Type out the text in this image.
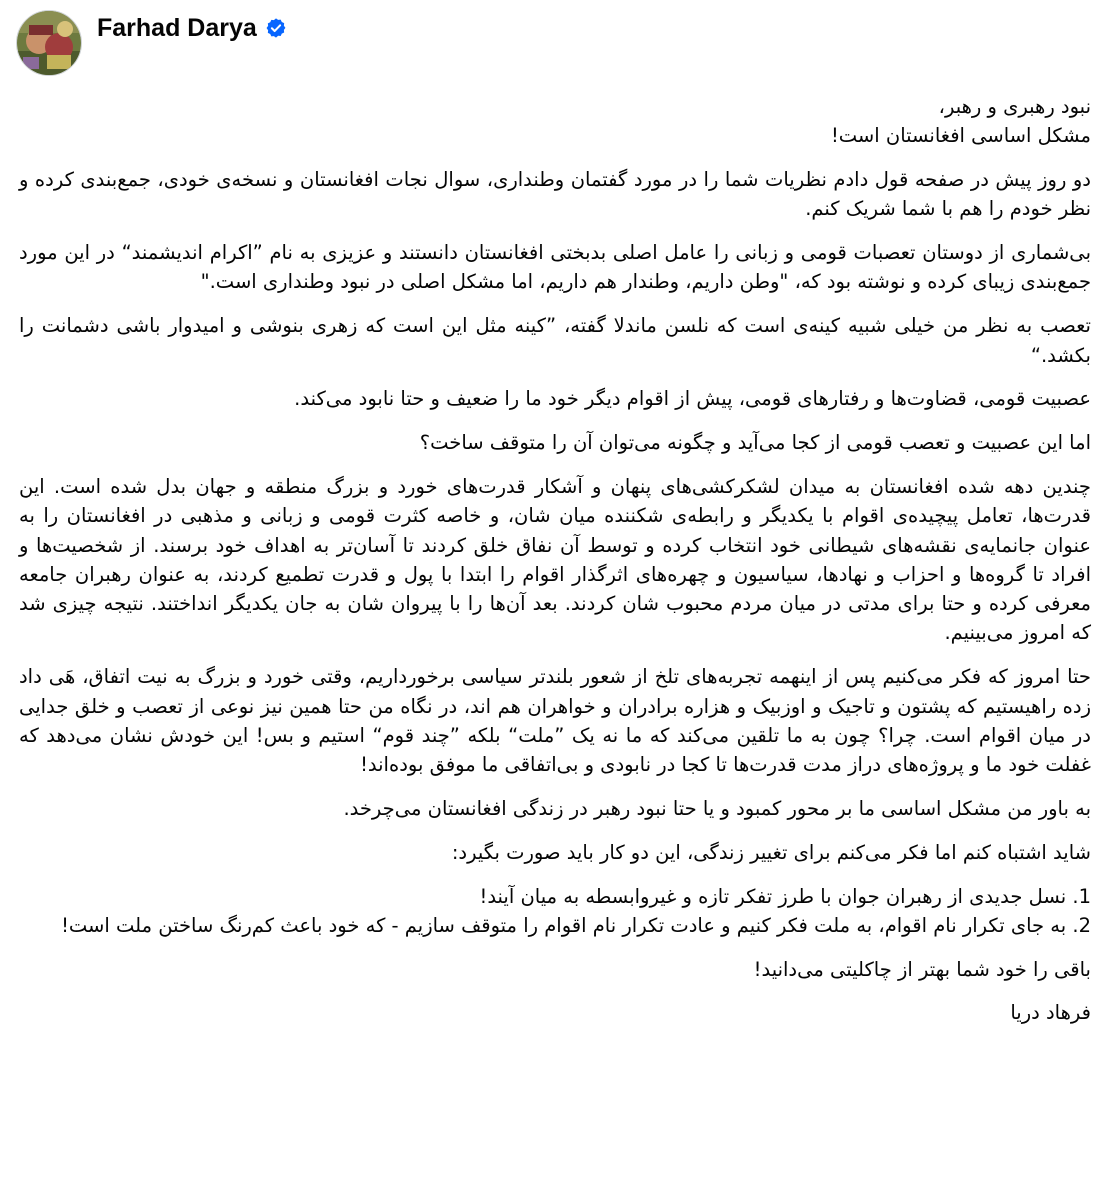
Farhad Darya

نبود رهبری و رهبر،
مشکل اساسی افغانستان است!

دو روز پیش در صفحه قول دادم نظریات شما را در مورد گفتمان وطنداری، سوال نجات افغانستان و نسخه‌ی خودی، جمع‌بندی کرده و نظر خودم را هم با شما شریک کنم.

بی‌شماری از دوستان تعصبات قومی و زبانی را عامل اصلی بدبختی افغانستان دانستند و عزیزی به نام ”اکرام اندیشمند“ در این مورد جمع‌بندی زیبای کرده و نوشته بود که، "وطن داریم، وطندار هم داریم، اما مشکل اصلی در نبود وطنداری است."

تعصب به نظر من خیلی شبیه کینه‌ی است که نلسن ماندلا گفته، ”کینه مثل این است که زهری بنوشی و امیدوار باشی دشمانت را بکشد.“

عصبیت قومی، قضاوت‌ها و رفتارهای قومی، پیش از اقوام دیگر خود ما را ضعیف و حتا نابود می‌کند.

اما این عصبیت و تعصب قومی از کجا می‌آید و چگونه می‌توان آن را متوقف ساخت؟

چندین دهه شده افغانستان به میدان لشکرکشی‌های پنهان و آشکار قدرت‌های خورد و بزرگ منطقه و جهان بدل شده است. این قدرت‌ها، تعامل پیچیده‌ی اقوام با یکدیگر و رابطه‌ی شکننده میان شان، و خاصه کثرت قومی و زبانی و مذهبی در افغانستان را به عنوان جانمایه‌ی نقشه‌های شیطانی خود انتخاب کرده و توسط آن نفاق خلق کردند تا آسان‌تر به اهداف خود برسند. از شخصیت‌ها و افراد تا گروه‌ها و احزاب و نهادها، سیاسیون و چهره‌های اثرگذار اقوام را ابتدا با پول و قدرت تطمیع کردند، به عنوان رهبران جامعه معرفی کرده و حتا برای مدتی در میان مردم محبوب شان کردند. بعد آن‌ها را با پیروان شان به جان یکدیگر انداختند. نتیجه چیزی شد که امروز می‌بینیم.

حتا امروز که فکر می‌کنیم پس از اینهمه تجربه‌های تلخ از شعور بلندتر سیاسی برخورداریم، وقتی خورد و بزرگ به نیت اتفاق، هَی داد زده راهیستیم که پشتون و تاجیک و اوزبیک و هزاره برادران و خواهران هم اند، در نگاه من حتا همین نیز نوعی از تعصب و خلق جدایی در میان اقوام است. چرا؟ چون به ما تلقین می‌کند که ما نه یک ”ملت“ بلکه ”چند قوم“ استیم و بس! این خودش نشان می‌دهد که غفلت خود ما و پروژه‌های دراز مدت قدرت‌ها تا کجا در نابودی و بی‌اتفاقی ما موفق بوده‌اند!

به باور من مشکل اساسی ما بر محور کمبود و یا حتا نبود رهبر در زندگی افغانستان می‌چرخد.

شاید اشتباه کنم اما فکر می‌کنم برای تغییر زندگی، این دو کار باید صورت بگیرد:

1. نسل جدیدی از رهبران جوان با طرز تفکر تازه و غیروابسطه به میان آیند!

2. به جای تکرار نام اقوام، به ملت فکر کنیم و عادت تکرار نام اقوام را متوقف سازیم - که خود باعث کم‌رنگ ساختن ملت است!

باقی را خود شما بهتر از چاکلیتی می‌دانید!

فرهاد دریا
